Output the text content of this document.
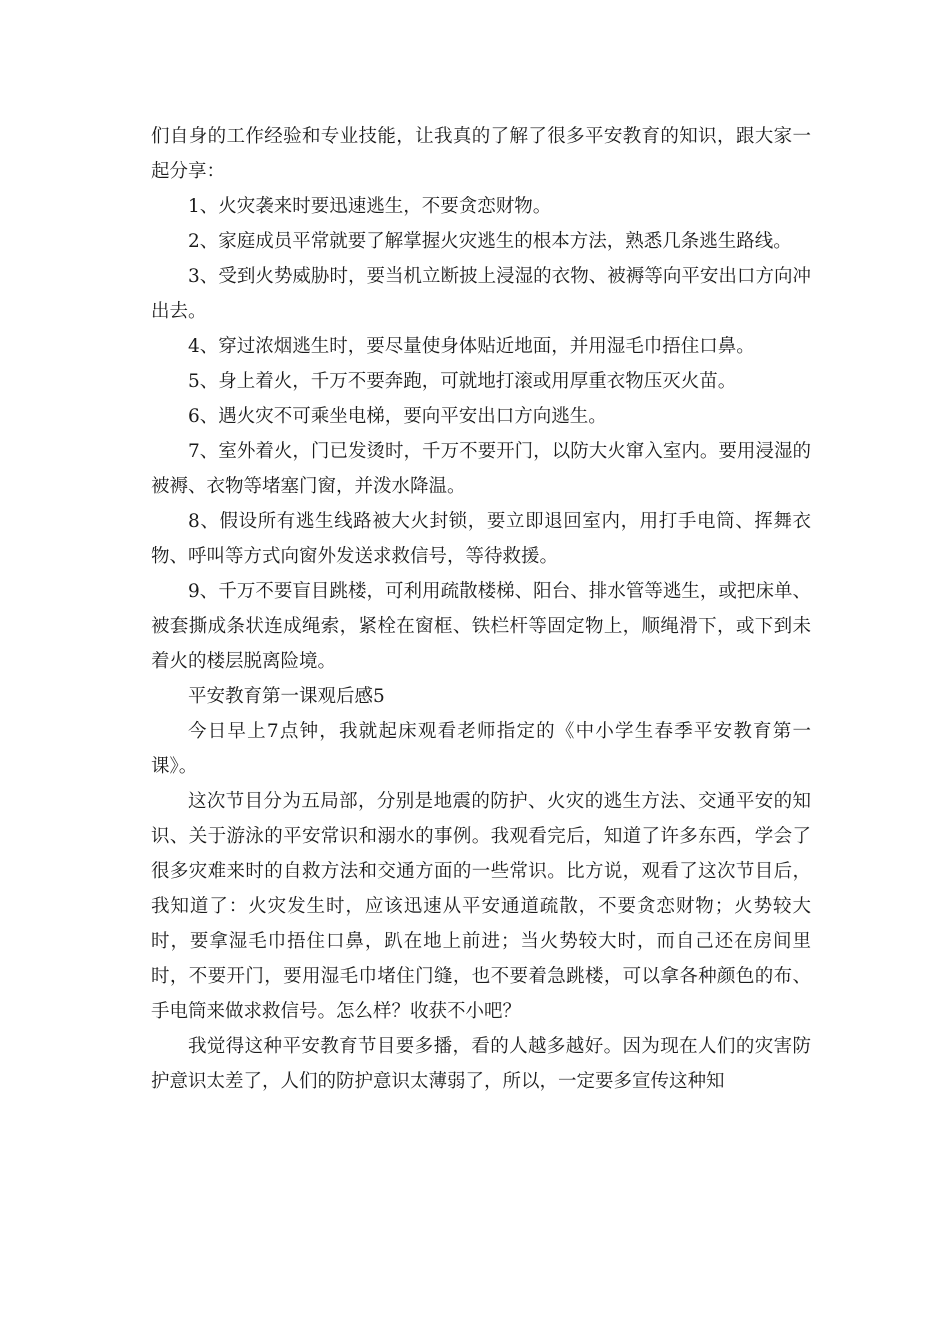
们自身的工作经验和专业技能，让我真的了解了很多平安教育的知识，跟大家一起分享：

1、火灾袭来时要迅速逃生，不要贪恋财物。

2、家庭成员平常就要了解掌握火灾逃生的根本方法，熟悉几条逃生路线。

3、受到火势威胁时，要当机立断披上浸湿的衣物、被褥等向平安出口方向冲出去。

4、穿过浓烟逃生时，要尽量使身体贴近地面，并用湿毛巾捂住口鼻。

5、身上着火，千万不要奔跑，可就地打滚或用厚重衣物压灭火苗。

6、遇火灾不可乘坐电梯，要向平安出口方向逃生。

7、室外着火，门已发烫时，千万不要开门，以防大火窜入室内。要用浸湿的被褥、衣物等堵塞门窗，并泼水降温。

8、假设所有逃生线路被大火封锁，要立即退回室内，用打手电筒、挥舞衣物、呼叫等方式向窗外发送求救信号，等待救援。

9、千万不要盲目跳楼，可利用疏散楼梯、阳台、排水管等逃生，或把床单、被套撕成条状连成绳索，紧栓在窗框、铁栏杆等固定物上，顺绳滑下，或下到未着火的楼层脱离险境。

平安教育第一课观后感5

今日早上7点钟，我就起床观看老师指定的《中小学生春季平安教育第一课》。

这次节目分为五局部，分别是地震的防护、火灾的逃生方法、交通平安的知识、关于游泳的平安常识和溺水的事例。我观看完后，知道了许多东西，学会了很多灾难来时的自救方法和交通方面的一些常识。比方说，观看了这次节目后，我知道了：火灾发生时，应该迅速从平安通道疏散，不要贪恋财物；火势较大时，要拿湿毛巾捂住口鼻，趴在地上前进；当火势较大时，而自己还在房间里时，不要开门，要用湿毛巾堵住门缝，也不要着急跳楼，可以拿各种颜色的布、手电筒来做求救信号。怎么样？收获不小吧？

我觉得这种平安教育节目要多播，看的人越多越好。因为现在人们的灾害防护意识太差了，人们的防护意识太薄弱了，所以，一定要多宣传这种知
